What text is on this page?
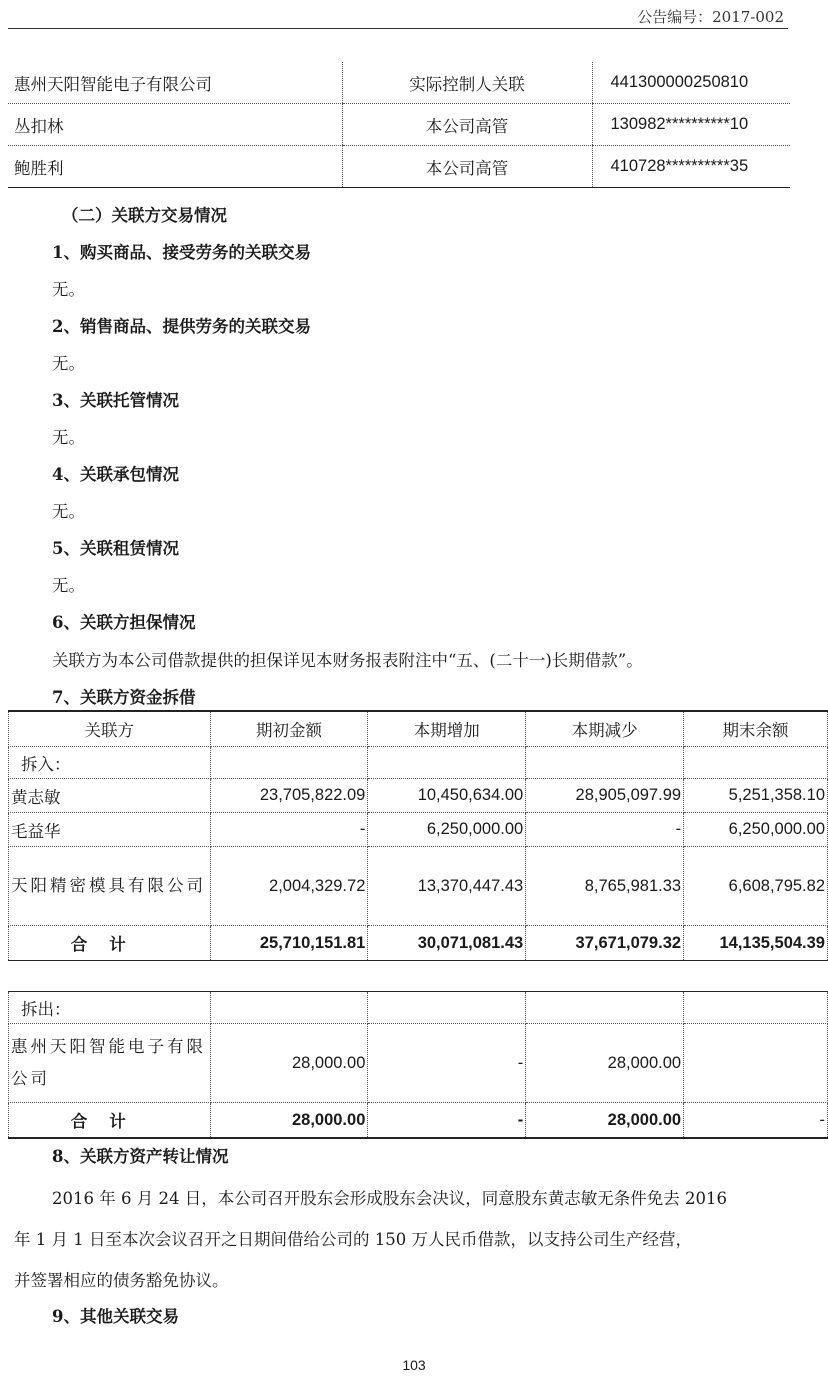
公告编号：2017-002
惠州天阳智能电子有限公司	实际控制人关联	441300000250810
丛扣林	本公司高管	130982**********10
鲍胜利	本公司高管	410728**********35
（二）关联方交易情况
1、购买商品、接受劳务的关联交易
无。
2、销售商品、提供劳务的关联交易
无。
3、关联托管情况
无。
4、关联承包情况
无。
5、关联租赁情况
无。
6、关联方担保情况
关联方为本公司借款提供的担保详见本财务报表附注中“五、(二十一)长期借款”。
7、关联方资金拆借
关联方	期初金额	本期增加	本期减少	期末余额
拆入：				
黄志敏	23,705,822.09	10,450,634.00	28,905,097.99	5,251,358.10
毛益华	-	6,250,000.00	-	6,250,000.00
天阳精密模具有限公司	2,004,329.72	13,370,447.43	8,765,981.33	6,608,795.82
合计	25,710,151.81	30,071,081.43	37,671,079.32	14,135,504.39

拆出：				
惠州天阳智能电子有限公司	28,000.00	-	28,000.00	
合计	28,000.00	-	28,000.00	-
8、关联方资产转让情况
2016 年 6 月 24 日，本公司召开股东会形成股东会决议，同意股东黄志敏无条件免去 2016
年 1 月 1 日至本次会议召开之日期间借给公司的 150 万人民币借款，以支持公司生产经营，
并签署相应的债务豁免协议。
9、其他关联交易
103
